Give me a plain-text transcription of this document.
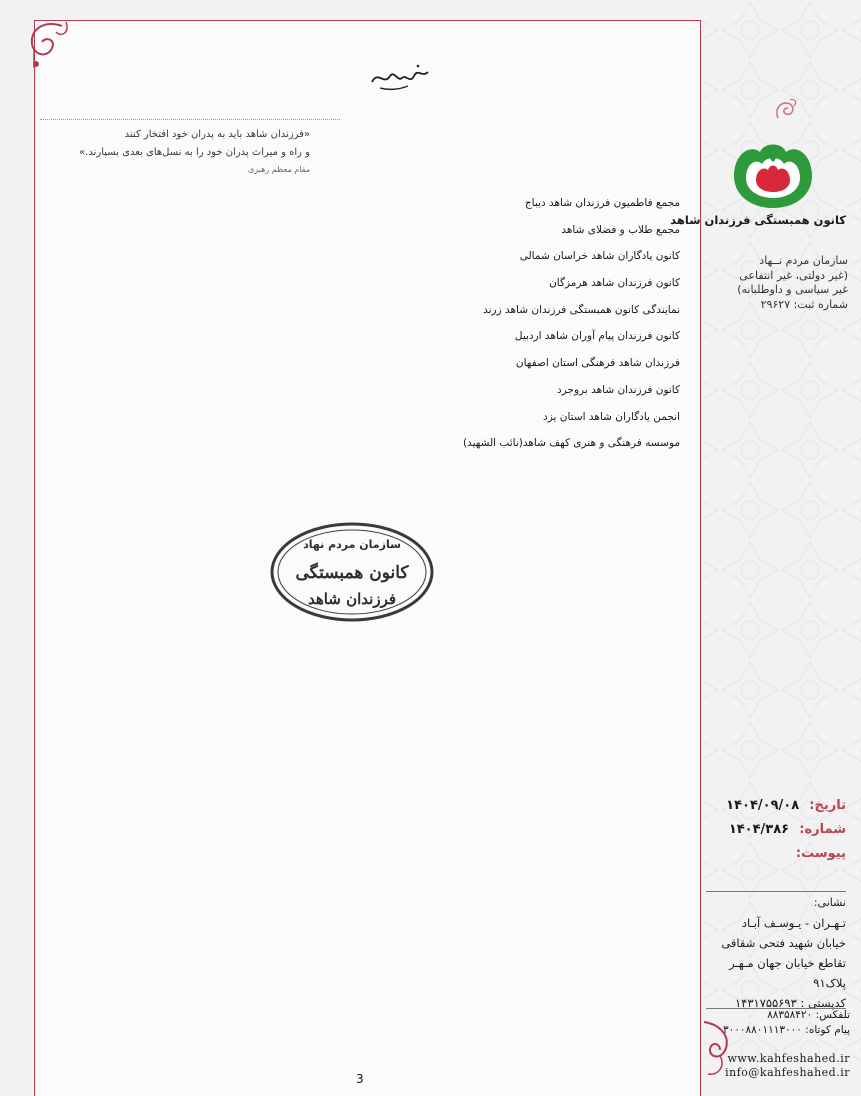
«فرزندان شاهد باید به پدران خود افتخار کنند
و راه و میراث پدران خود را به نسل‌های بعدی بسپارند.»
مقام معظم رهبری
مجمع فاطمیون فرزندان شاهد دیباج
مجمع طلاب و فضلای شاهد
کانون یادگاران شاهد خراسان شمالی
کانون فرزندان شاهد هرمزگان
نمایندگی کانون همبستگی فرزندان شاهد زرند
کانون فرزندان پیام آوران شاهد اردبیل
فرزندان شاهد فرهنگی استان اصفهان
کانون فرزندان شاهد بروجرد
انجمن یادگاران شاهد استان یزد
موسسه فرهنگی و هنری کهف شاهد(نائب الشهید)
سازمان مردم نهاد
کانون همبستگی
فرزندان شاهد
3
کانون همبستگی فرزندان شاهد
سازمان مردم نــهاد
(غیر دولتی، غیر انتفاعی
غیر سیاسی و داوطلبانه)
شماره ثبت: ۲۹۶۲۷
تاریخ: ۱۴۰۴/۰۹/۰۸
شماره: ۱۴۰۴/۳۸۶
پیوست:
نشانی:
تـهـران - یـوسـف آبـاد
خیابان شهید فتحی شقاقی
تقاطع خیابان جهان مـهـر
پلاک۹۱
کدپستی : ۱۴۳۱۷۵۵۶۹۳
تلفکس: ۸۸۳۵۸۴۲۰
پیام کوتاه: ۳۰۰۰۸۸۰۱۱۱۳۰۰۰
www.kahfeshahed.ir
info@kahfeshahed.ir
